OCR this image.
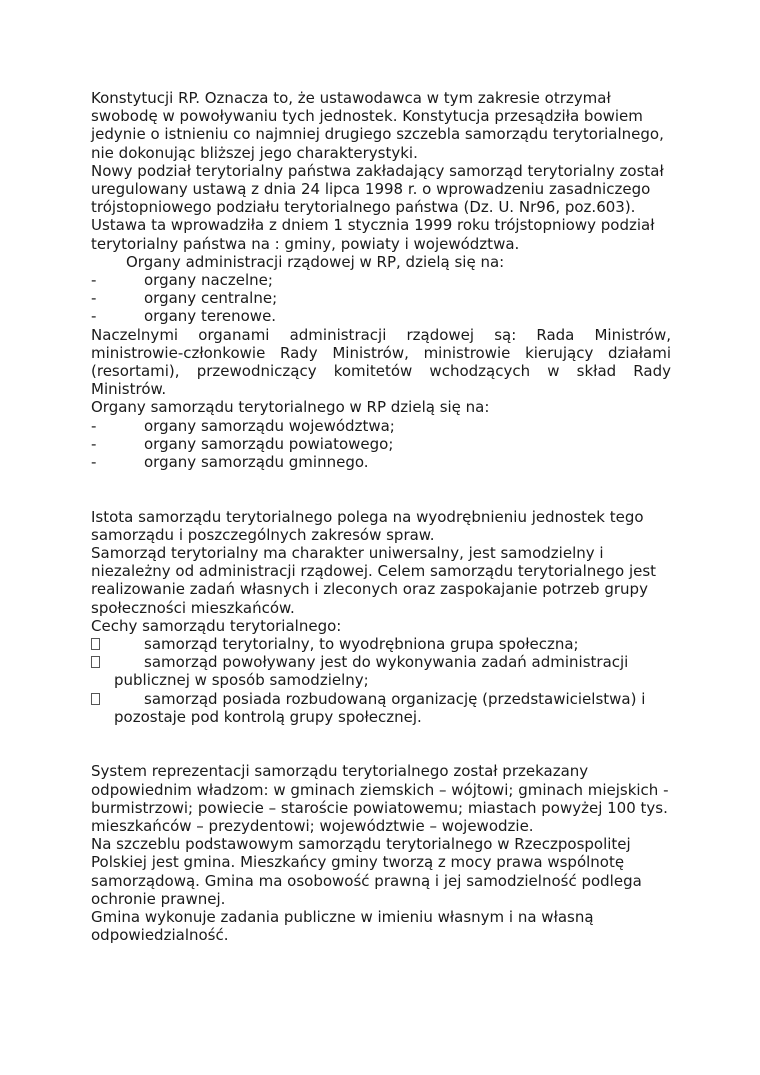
Konstytucji RP. Oznacza to, że ustawodawca w tym zakresie otrzymał swobodę w powoływaniu tych jednostek. Konstytucja przesądziła bowiem jedynie o istnieniu co najmniej drugiego szczebla samorządu terytorialnego, nie dokonując bliższej jego charakterystyki.

Nowy podział terytorialny państwa zakładający samorząd terytorialny został uregulowany ustawą z dnia 24 lipca 1998 r. o wprowadzeniu zasadniczego trójstopniowego podziału terytorialnego państwa (Dz. U. Nr96, poz.603). Ustawa ta wprowadziła z dniem 1 stycznia 1999 roku trójstopniowy podział terytorialny państwa na : gminy, powiaty i województwa.

Organy administracji rządowej w RP, dzielą się na:

-	organy naczelne;
-	organy centralne;
-	organy terenowe.

Naczelnymi organami administracji rządowej są: Rada Ministrów, ministrowie-członkowie Rady Ministrów, ministrowie kierujący działami (resortami), przewodniczący komitetów wchodzących w skład Rady Ministrów.

Organy samorządu terytorialnego w RP dzielą się na:

-	organy samorządu województwa;
-	organy samorządu powiatowego;
-	organy samorządu gminnego.

Istota samorządu terytorialnego polega na wyodrębnieniu jednostek tego samorządu i poszczególnych zakresów spraw.

Samorząd terytorialny ma charakter uniwersalny, jest samodzielny i niezależny od administracji rządowej. Celem samorządu terytorialnego jest realizowanie zadań własnych i zleconych oraz zaspokajanie potrzeb grupy społeczności mieszkańców.

Cechy samorządu terytorialnego:

samorząd terytorialny, to wyodrębniona grupa społeczna;
samorząd powoływany jest do wykonywania zadań administracji
publicznej w sposób samodzielny;
samorząd posiada rozbudowaną organizację (przedstawicielstwa) i
pozostaje pod kontrolą grupy społecznej.

System reprezentacji samorządu terytorialnego został przekazany odpowiednim władzom: w gminach ziemskich – wójtowi; gminach miejskich - burmistrzowi; powiecie – staroście powiatowemu; miastach powyżej 100 tys. mieszkańców – prezydentowi; województwie – wojewodzie.

Na szczeblu podstawowym samorządu terytorialnego w Rzeczpospolitej Polskiej jest gmina. Mieszkańcy gminy tworzą z mocy prawa wspólnotę samorządową. Gmina ma osobowość prawną i jej samodzielność podlega ochronie prawnej.

Gmina wykonuje zadania publiczne w imieniu własnym i na własną odpowiedzialność.
